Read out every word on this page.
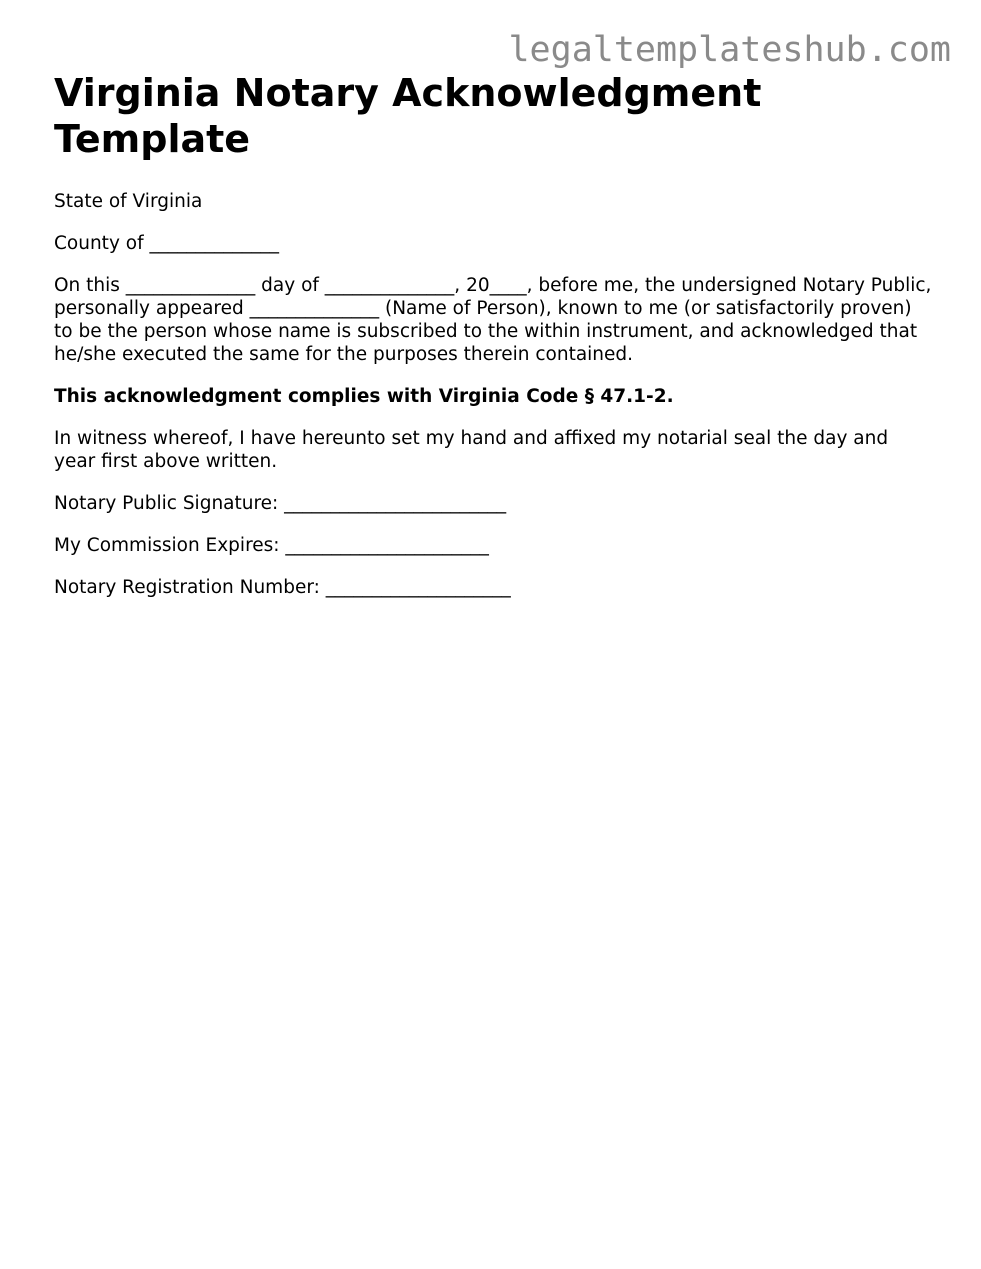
legaltemplateshub.com
Virginia Notary Acknowledgment Template

State of Virginia

County of ______________

On this ______________ day of ______________, 20____, before me, the undersigned Notary Public, personally appeared ______________ (Name of Person), known to me (or satisfactorily proven) to be the person whose name is subscribed to the within instrument, and acknowledged that he/she executed the same for the purposes therein contained.

This acknowledgment complies with Virginia Code § 47.1-2.

In witness whereof, I have hereunto set my hand and affixed my notarial seal the day and year first above written.

Notary Public Signature: ________________________

My Commission Expires: ______________________

Notary Registration Number: ____________________
